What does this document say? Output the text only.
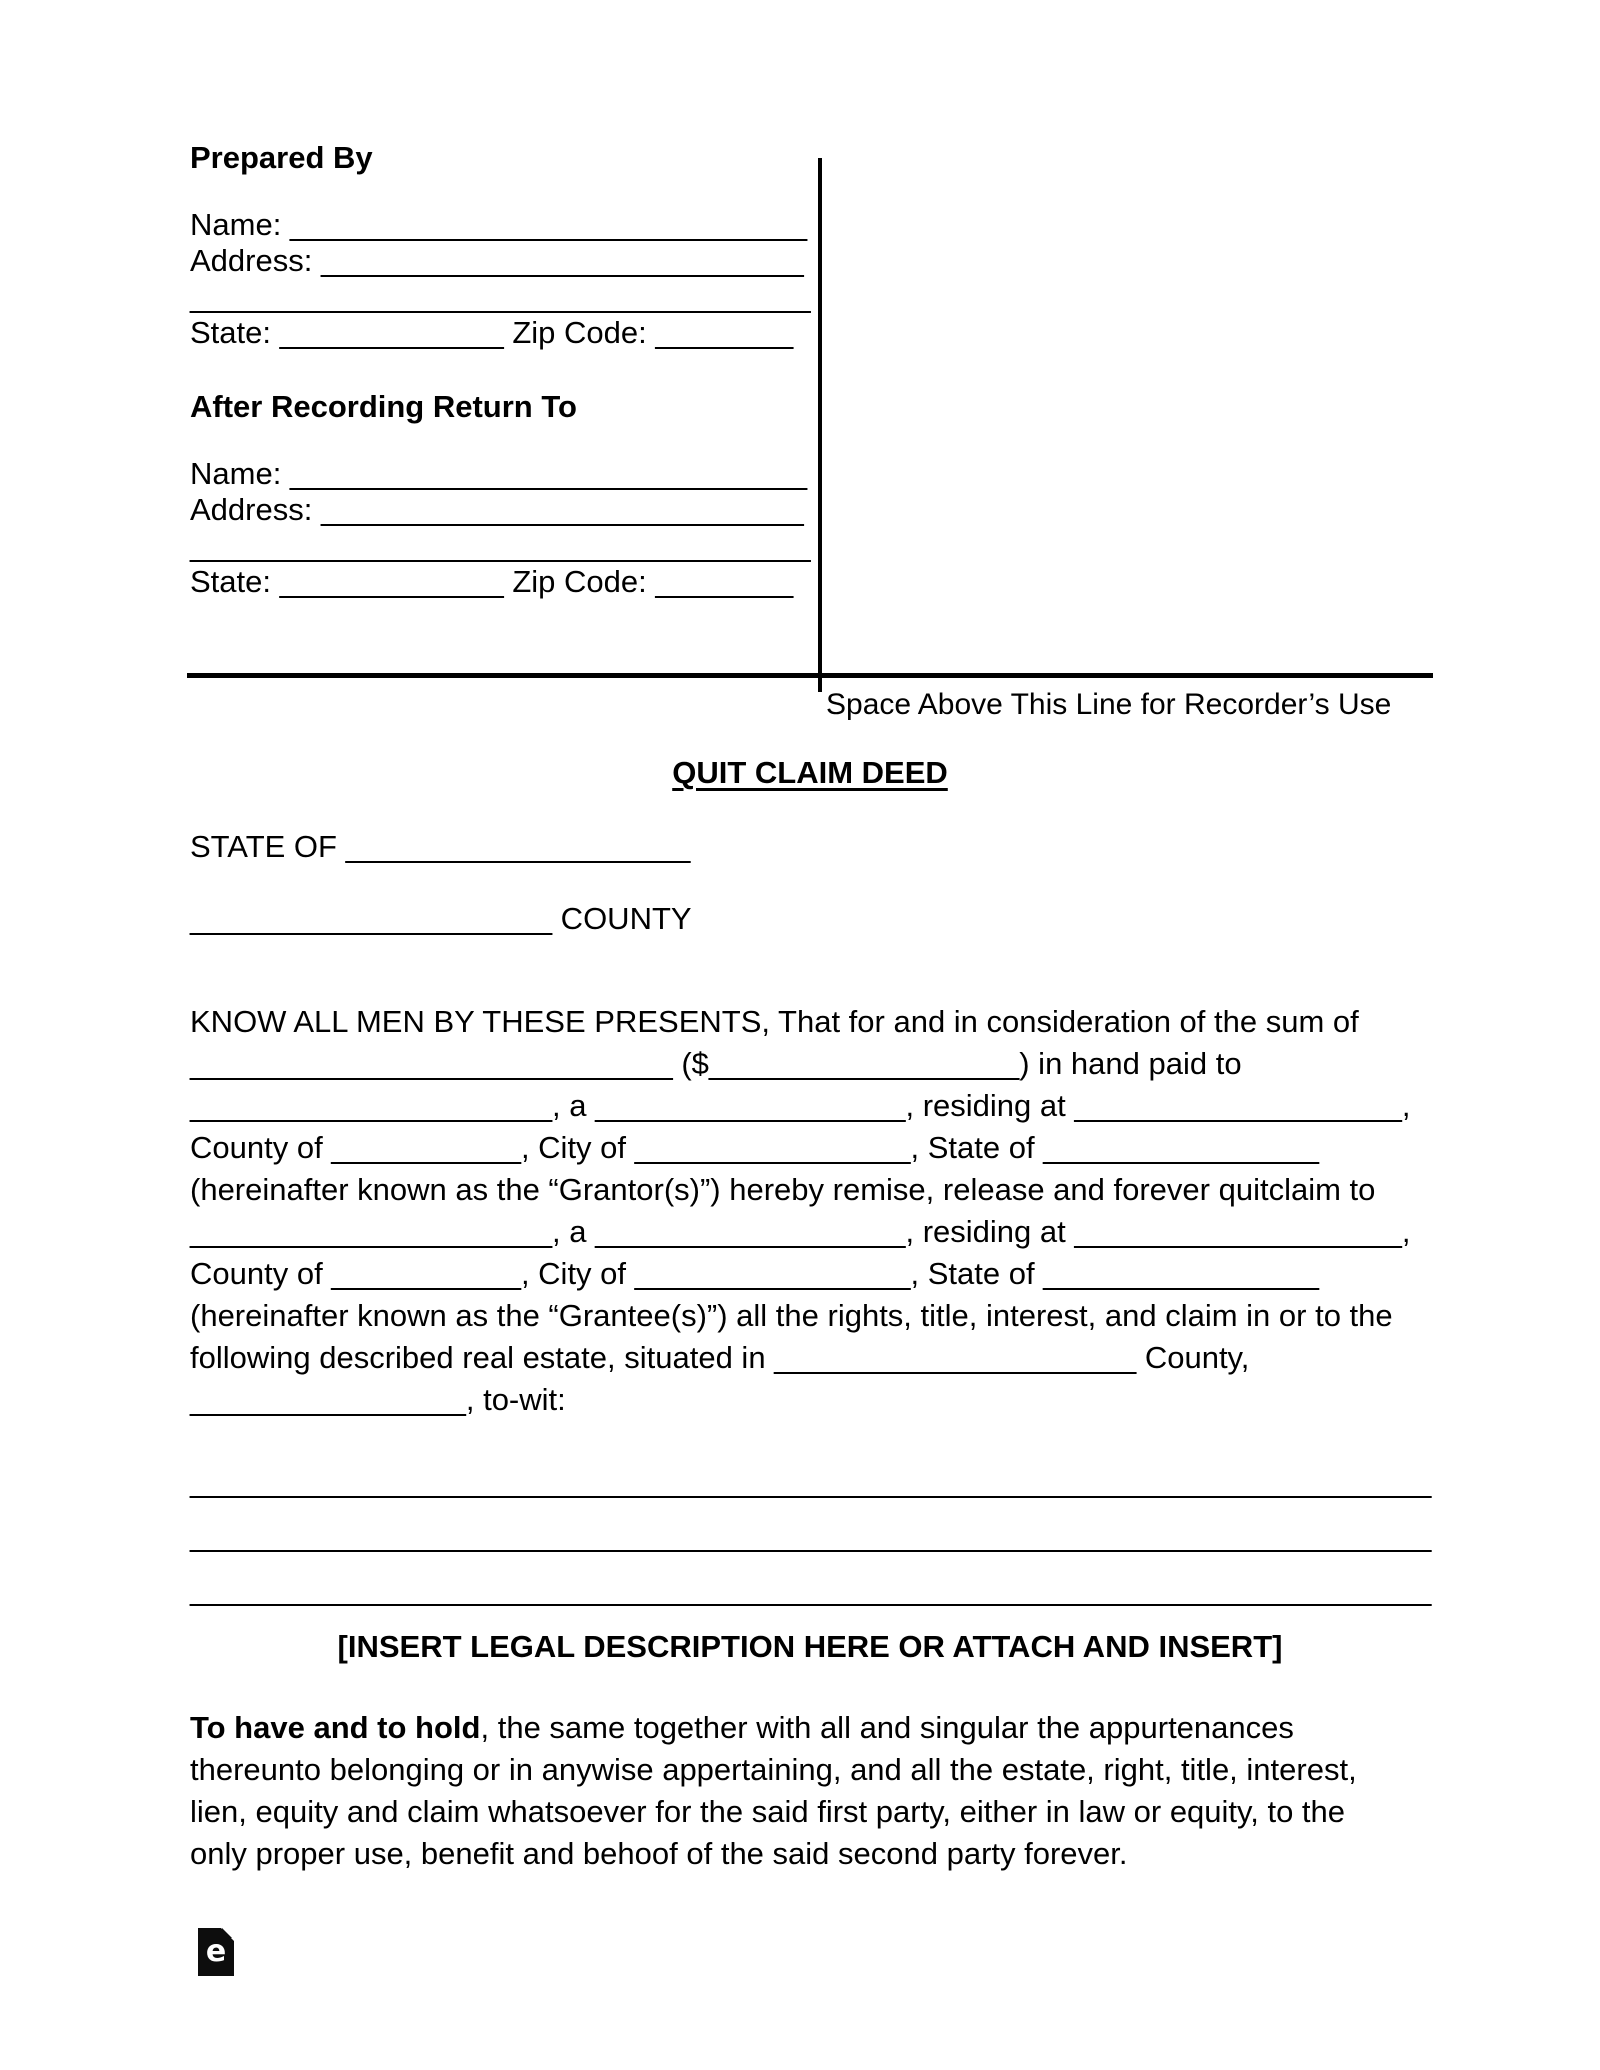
Prepared By
Name: ______________________________
Address: ____________________________
____________________________________
State: _____________ Zip Code: ________
After Recording Return To
Name: ______________________________
Address: ____________________________
____________________________________
State: _____________ Zip Code: ________
Space Above This Line for Recorder’s Use
QUIT CLAIM DEED
STATE OF ____________________
_____________________ COUNTY
KNOW ALL MEN BY THESE PRESENTS, That for and in consideration of the sum of
____________________________ ($__________________) in hand paid to
_____________________, a __________________, residing at ___________________,
County of ___________, City of ________________, State of ________________
(hereinafter known as the “Grantor(s)”) hereby remise, release and forever quitclaim to
_____________________, a __________________, residing at ___________________,
County of ___________, City of ________________, State of ________________
(hereinafter known as the “Grantee(s)”) all the rights, title, interest, and claim in or to the
following described real estate, situated in _____________________ County,
________________, to-wit:
________________________________________________________________________
________________________________________________________________________
________________________________________________________________________
[INSERT LEGAL DESCRIPTION HERE OR ATTACH AND INSERT]
To have and to hold, the same together with all and singular the appurtenances
thereunto belonging or in anywise appertaining, and all the estate, right, title, interest,
lien, equity and claim whatsoever for the said first party, either in law or equity, to the
only proper use, benefit and behoof of the said second party forever.
e
